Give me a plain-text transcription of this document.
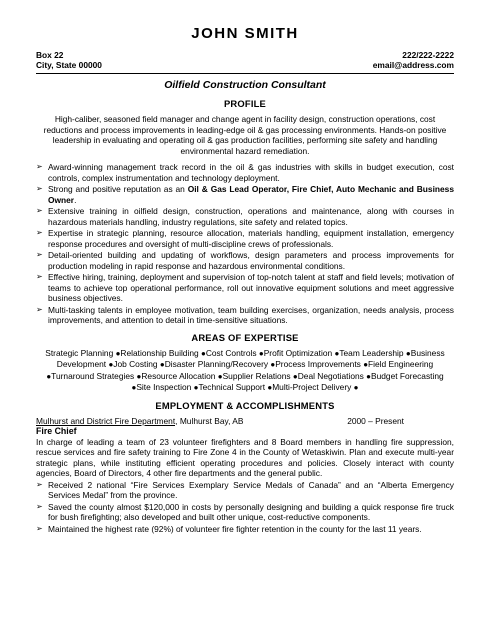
JOHN SMITH
Box 22
City, State 00000
222/222-2222
email@address.com
Oilfield Construction Consultant
PROFILE
High-caliber, seasoned field manager and change agent in facility design, construction operations, cost reductions and process improvements in leading-edge oil & gas processing environments. Hands-on positive leadership in evaluating and operating oil & gas production facilities, performing site safety and handling environmental hazard remediation.
➢ Award-winning management track record in the oil & gas industries with skills in budget execution, cost controls, complex instrumentation and technology deployment.
➢ Strong and positive reputation as an Oil & Gas Lead Operator, Fire Chief, Auto Mechanic and Business Owner.
➢ Extensive training in oilfield design, construction, operations and maintenance, along with courses in hazardous materials handling, industry regulations, site safety and related topics.
➢ Expertise in strategic planning, resource allocation, materials handling, equipment installation, emergency response procedures and oversight of multi-discipline crews of professionals.
➢ Detail-oriented building and updating of workflows, design parameters and process improvements for production modeling in rapid response and hazardous environmental conditions.
➢ Effective hiring, training, deployment and supervision of top-notch talent at staff and field levels; motivation of teams to achieve top operational performance, roll out innovative equipment solutions and meet aggressive business objectives.
➢ Multi-tasking talents in employee motivation, team building exercises, organization, needs analysis, process improvements, and attention to detail in time-sensitive situations.
AREAS OF EXPERTISE
Strategic Planning ●Relationship Building ●Cost Controls ●Profit Optimization ●Team Leadership ●Business Development ●Job Costing ●Disaster Planning/Recovery ●Process Improvements ●Field Engineering ●Turnaround Strategies ●Resource Allocation ●Supplier Relations ●Deal Negotiations ●Budget Forecasting ●Site Inspection ●Technical Support ●Multi-Project Delivery ●
EMPLOYMENT & ACCOMPLISHMENTS
Mulhurst and District Fire Department, Mulhurst Bay, AB	2000 – Present
Fire Chief
In charge of leading a team of 23 volunteer firefighters and 8 Board members in handling fire suppression, rescue services and fire safety training to Fire Zone 4 in the County of Wetaskiwin. Plan and execute multi-year strategic plans, while instituting efficient operating procedures and policies. Closely interact with county agencies, Board of Directors, 4 other fire departments and the general public.
➢ Received 2 national “Fire Services Exemplary Service Medals of Canada” and an “Alberta Emergency Services Medal” from the province.
➢ Saved the county almost $120,000 in costs by personally designing and building a quick response fire truck for bush firefighting; also developed and built other unique, cost-reductive components.
➢ Maintained the highest rate (92%) of volunteer fire fighter retention in the county for the last 11 years.
